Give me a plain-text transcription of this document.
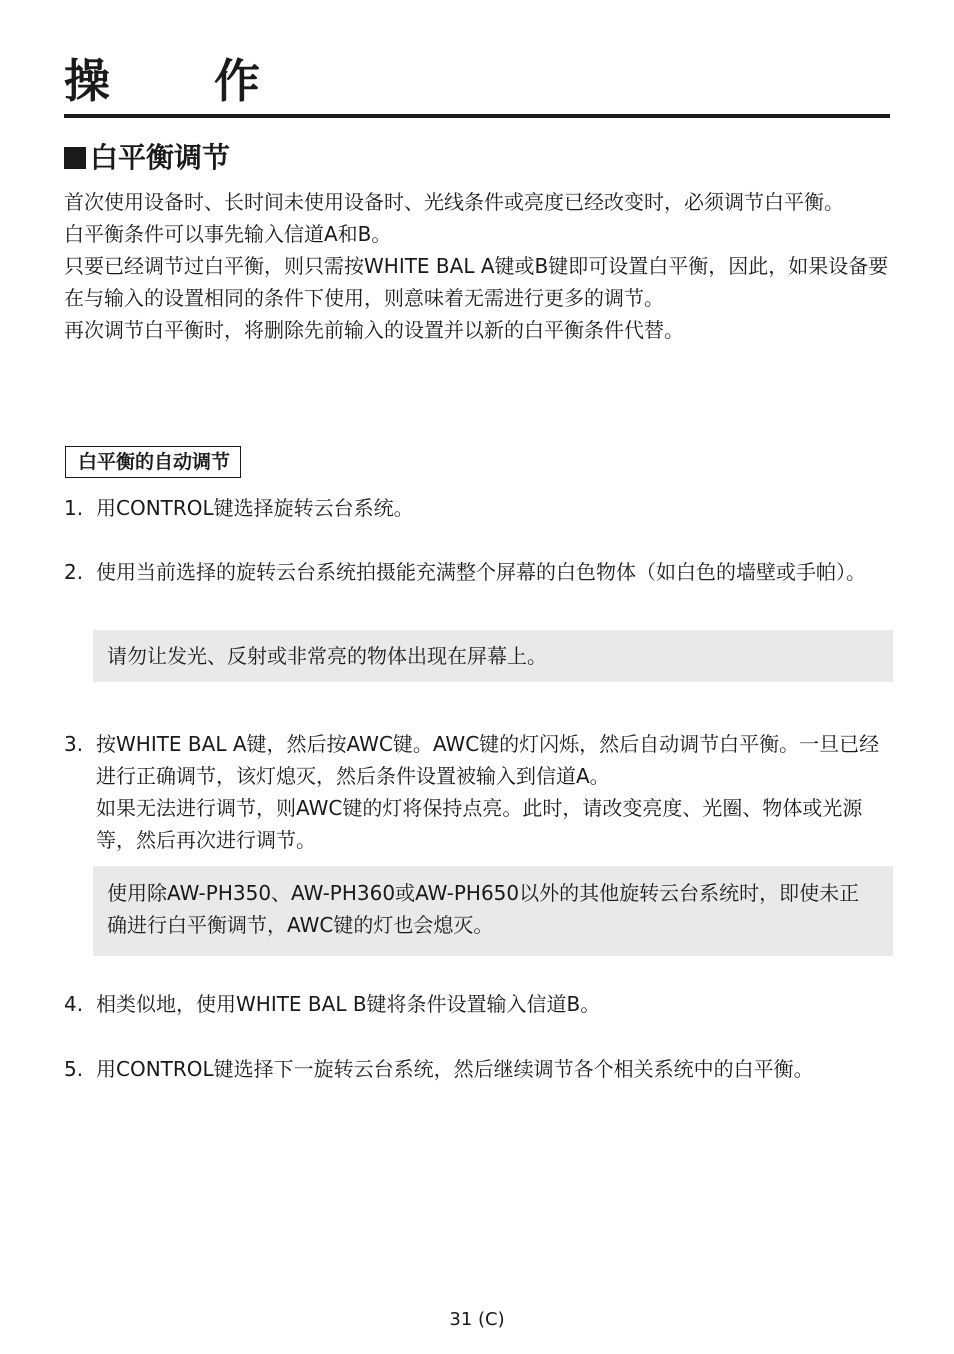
操 作
白平衡调节

首次使用设备时、长时间未使用设备时、光线条件或亮度已经改变时，必须调节白平衡。

白平衡条件可以事先输入信道A和B。

只要已经调节过白平衡，则只需按WHITE BAL A键或B键即可设置白平衡，因此，如果设备要在与输入的设置相同的条件下使用，则意味着无需进行更多的调节。

再次调节白平衡时，将删除先前输入的设置并以新的白平衡条件代替。

白平衡的自动调节
1. 用CONTROL键选择旋转云台系统。
2. 使用当前选择的旋转云台系统拍摄能充满整个屏幕的白色物体（如白色的墙壁或手帕）。
请勿让发光、反射或非常亮的物体出现在屏幕上。
3. 按WHITE BAL A键，然后按AWC键。AWC键的灯闪烁，然后自动调节白平衡。一旦已经进行正确调节，该灯熄灭，然后条件设置被输入到信道A。
如果无法进行调节，则AWC键的灯将保持点亮。此时，请改变亮度、光圈、物体或光源等，然后再次进行调节。
使用除AW-PH350、AW-PH360或AW-PH650以外的其他旋转云台系统时，即使未正确进行白平衡调节，AWC键的灯也会熄灭。
4. 相类似地，使用WHITE BAL B键将条件设置输入信道B。
5. 用CONTROL键选择下一旋转云台系统，然后继续调节各个相关系统中的白平衡。
31 (C)
